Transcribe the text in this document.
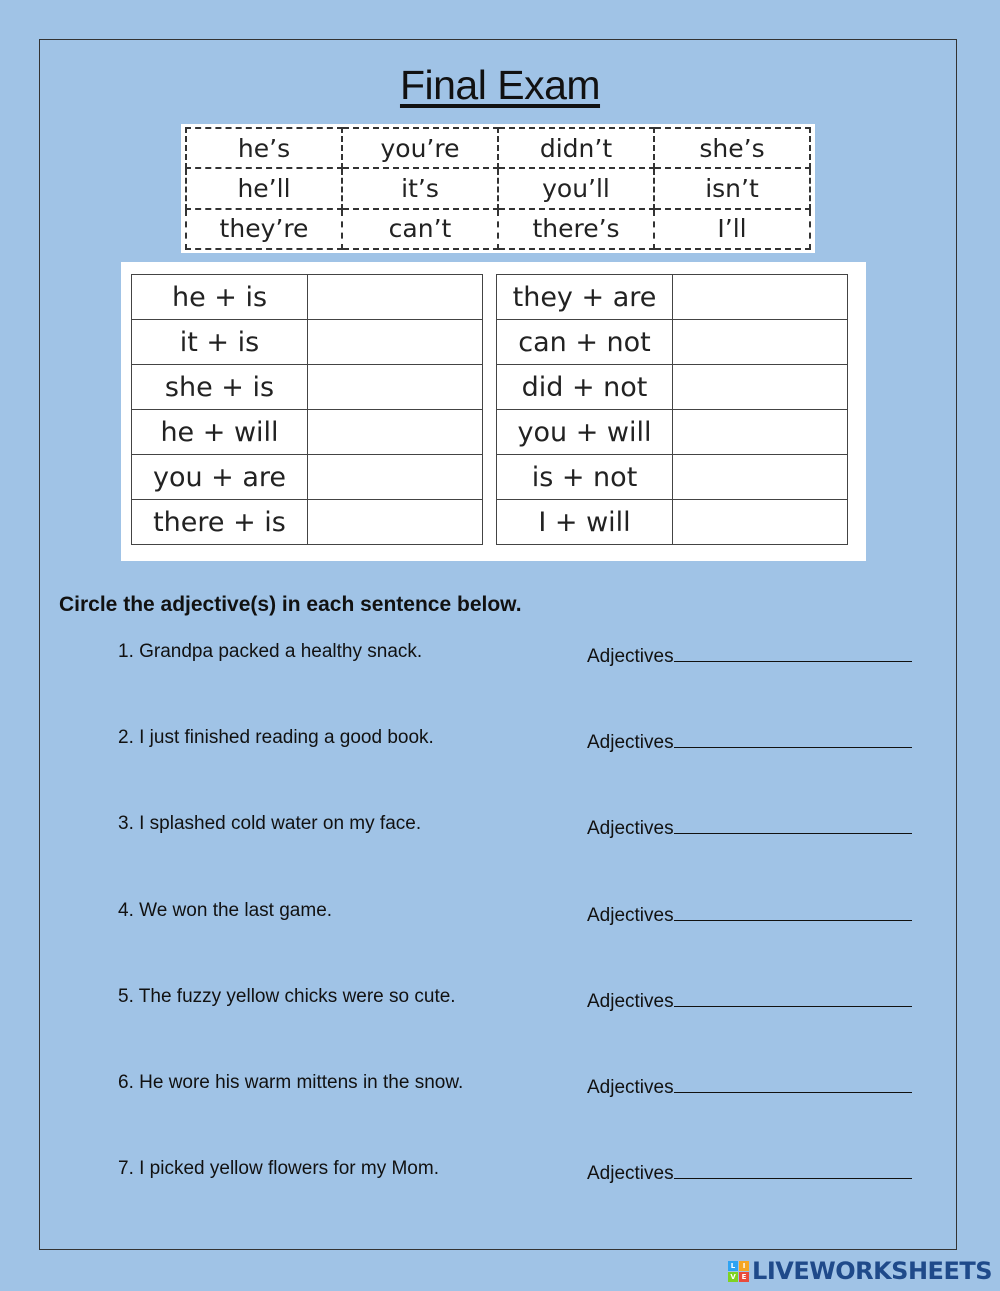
Final Exam
he’s	you’re	didn’t	she’s
he’ll	it’s	you’ll	isn’t
they’re	can’t	there’s	I’ll
he + is	
it + is	
she + is	
he + will	
you + are	
there + is	
they + are	
can + not	
did + not	
you + will	
is + not	
I + will	
Circle the adjective(s) in each sentence below.
1. Grandpa packed a healthy snack.	Adjectives
2. I just finished reading a good book.	Adjectives
3. I splashed cold water on my face.	Adjectives
4. We won the last game.	Adjectives
5. The fuzzy yellow chicks were so cute.	Adjectives
6. He wore his warm mittens in the snow.	Adjectives
7. I picked yellow flowers for my Mom.	Adjectives
L	I
V E LIVEWORKSHEETS
